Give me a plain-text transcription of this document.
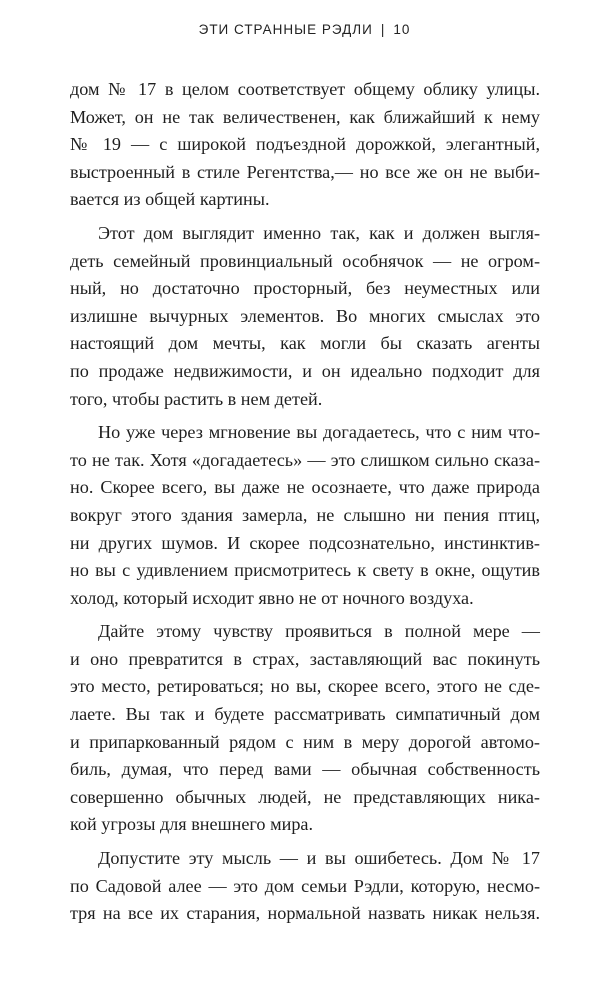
ЭТИ СТРАННЫЕ РЭДЛИ | 10
дом № 17 в целом соответствует общему облику улицы.
Может, он не так величественен, как ближайший к нему
№ 19 — с широкой подъездной дорожкой, элегантный,
выстроенный в стиле Регентства,— но все же он не выби-
вается из общей картины.
Этот дом выглядит именно так, как и должен выгля-
деть семейный провинциальный особнячок — не огром-
ный, но достаточно просторный, без неуместных или
излишне вычурных элементов. Во многих смыслах это
настоящий дом мечты, как могли бы сказать агенты
по продаже недвижимости, и он идеально подходит для
того, чтобы растить в нем детей.
Но уже через мгновение вы догадаетесь, что с ним что-
то не так. Хотя «догадаетесь» — это слишком сильно сказа-
но. Скорее всего, вы даже не осознаете, что даже природа
вокруг этого здания замерла, не слышно ни пения птиц,
ни других шумов. И скорее подсознательно, инстинктив-
но вы с удивлением присмотритесь к свету в окне, ощутив
холод, который исходит явно не от ночного воздуха.
Дайте этому чувству проявиться в полной мере —
и оно превратится в страх, заставляющий вас покинуть
это место, ретироваться; но вы, скорее всего, этого не сде-
лаете. Вы так и будете рассматривать симпатичный дом
и припаркованный рядом с ним в меру дорогой автомо-
биль, думая, что перед вами — обычная собственность
совершенно обычных людей, не представляющих ника-
кой угрозы для внешнего мира.
Допустите эту мысль — и вы ошибетесь. Дом № 17
по Садовой алее — это дом семьи Рэдли, которую, несмо-
тря на все их старания, нормальной назвать никак нельзя.
